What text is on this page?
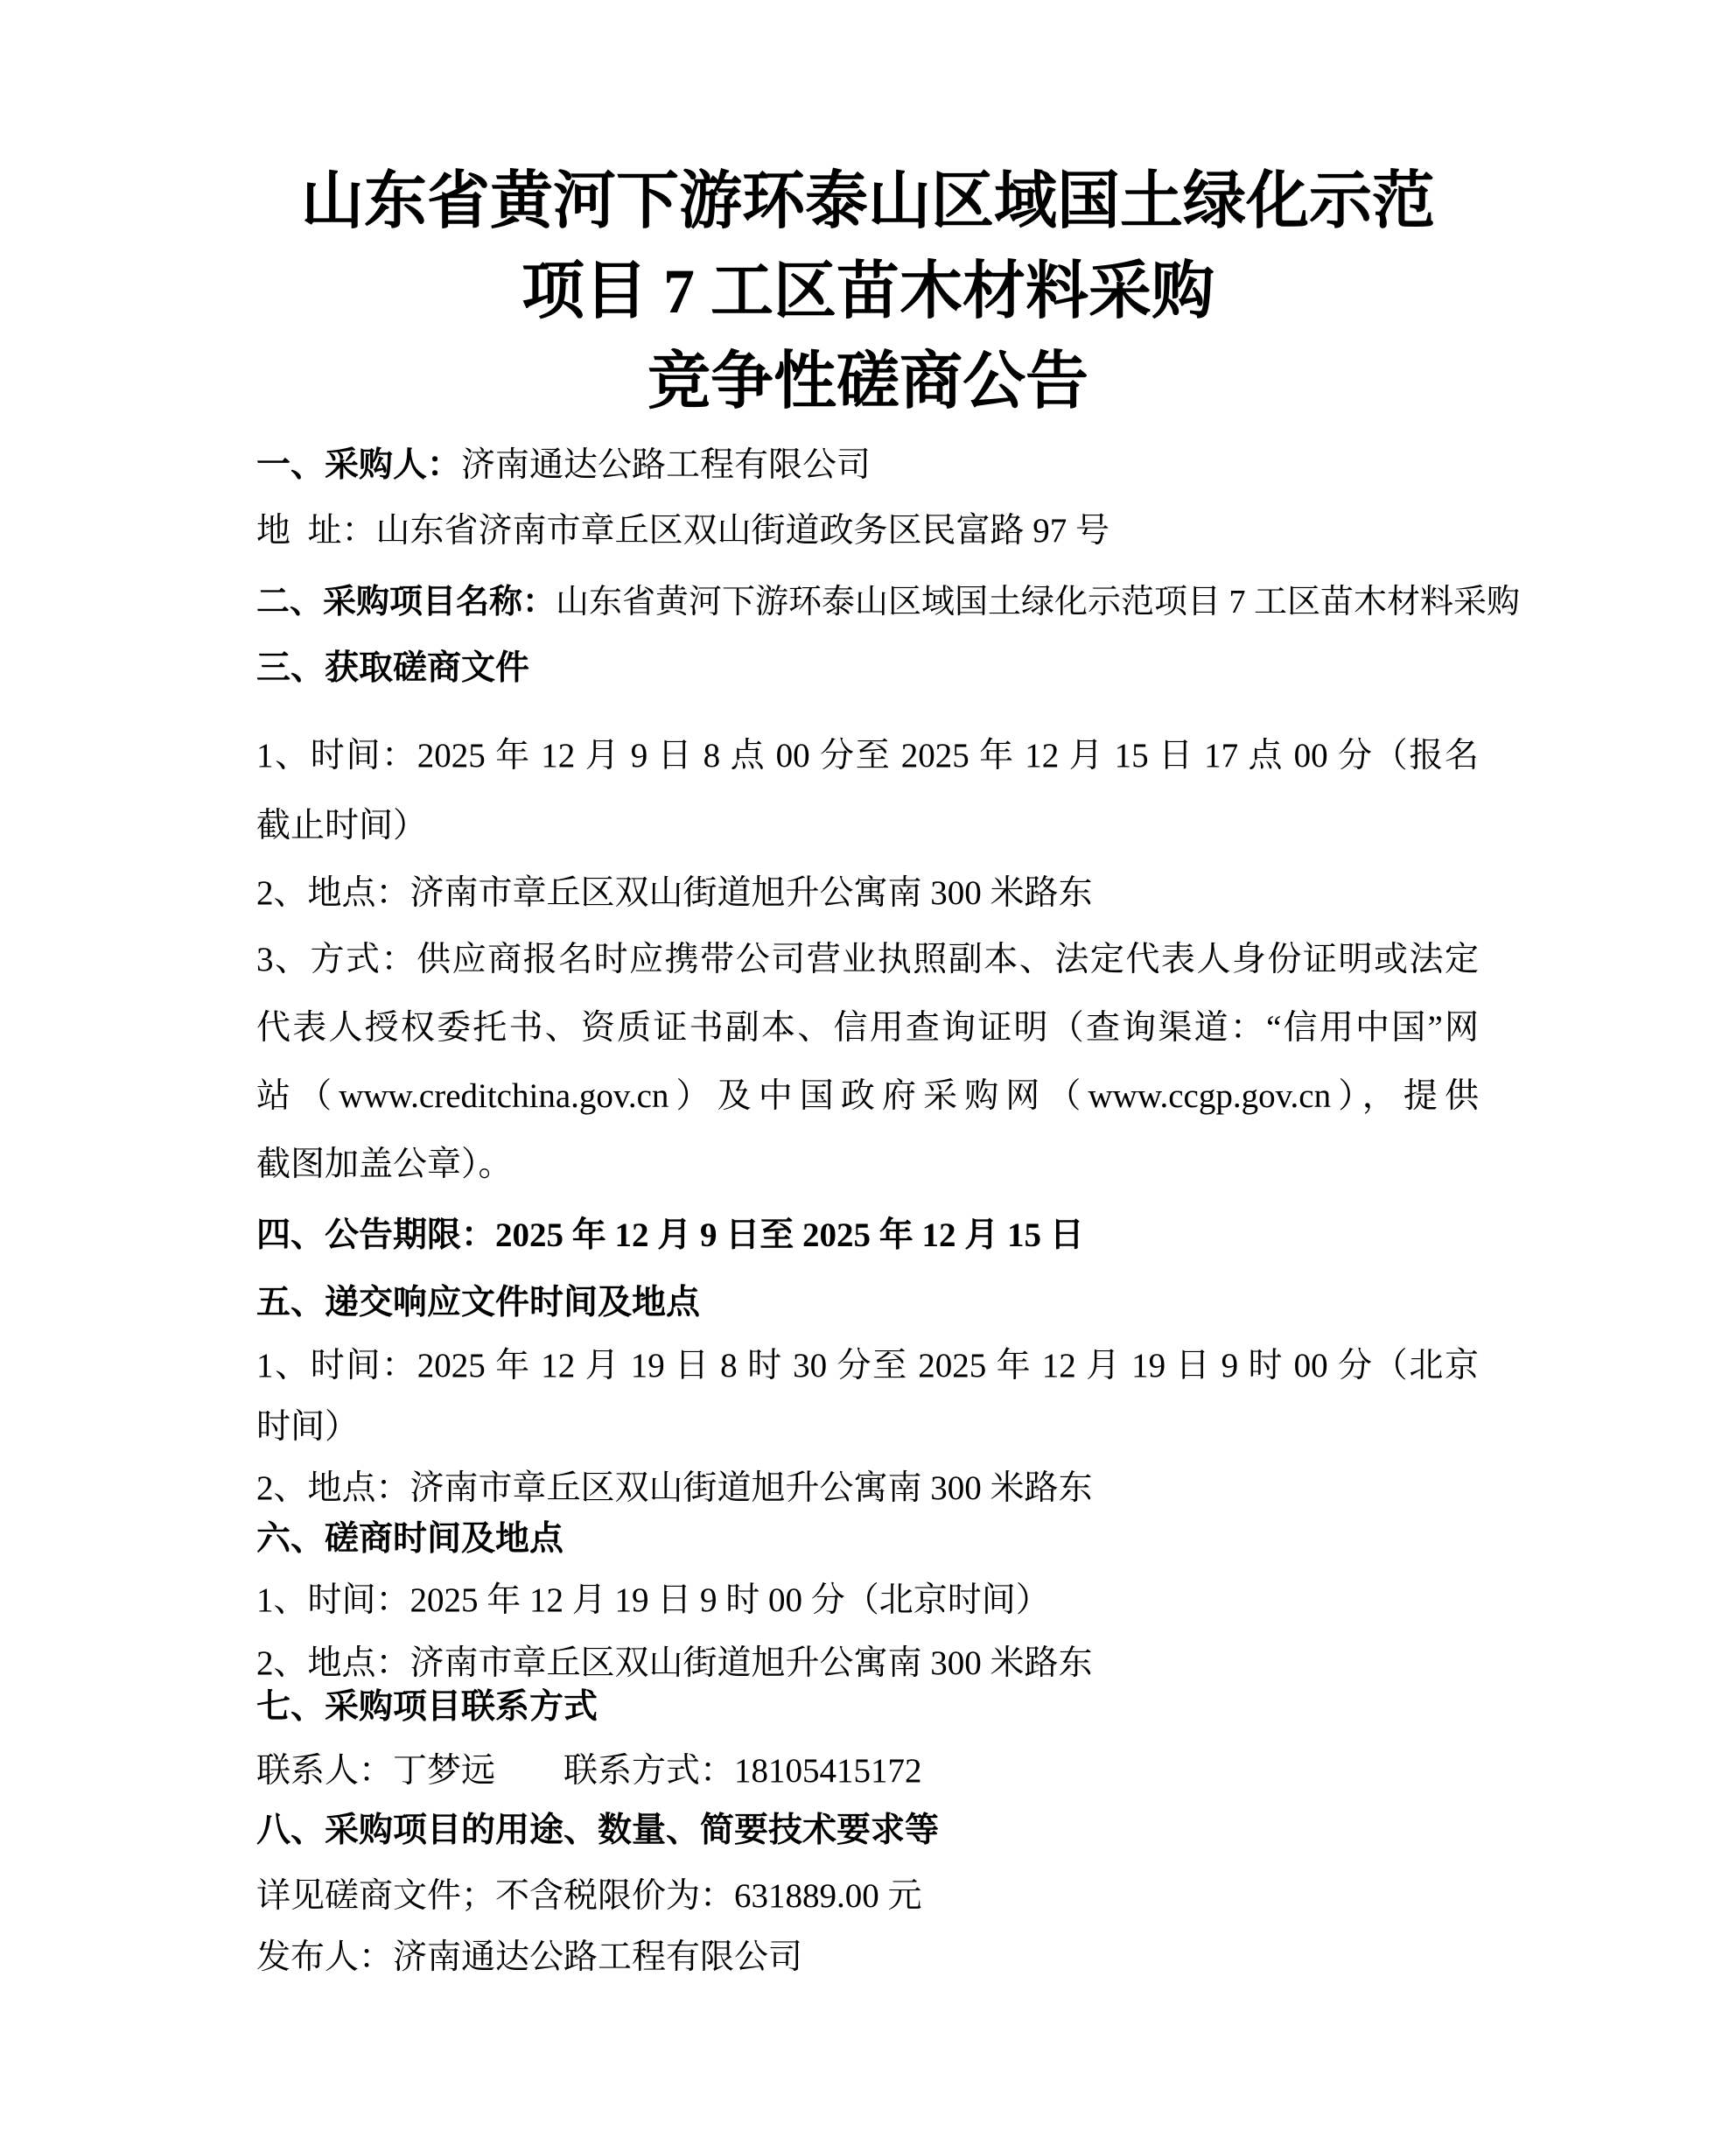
山东省黄河下游环泰山区域国土绿化示范
项目 7 工区苗木材料采购
竞争性磋商公告
一、采购人：济南通达公路工程有限公司
地  址：山东省济南市章丘区双山街道政务区民富路 97 号
二、采购项目名称：山东省黄河下游环泰山区域国土绿化示范项目 7 工区苗木材料采购
三、获取磋商文件
1、时间：2025 年 12 月 9 日 8 点 00 分至 2025 年 12 月 15 日 17 点 00 分（报名
截止时间）
2、地点：济南市章丘区双山街道旭升公寓南 300 米路东
3、方式：供应商报名时应携带公司营业执照副本、法定代表人身份证明或法定
代表人授权委托书、资质证书副本、信用查询证明（查询渠道：“信用中国”网
站（www.creditchina.gov.cn）及中国政府采购网（www.ccgp.gov.cn），提供
截图加盖公章）。
四、公告期限：2025 年 12 月 9 日至 2025 年 12 月 15 日
五、递交响应文件时间及地点
1、时间：2025 年 12 月 19 日 8 时 30 分至 2025 年 12 月 19 日 9 时 00 分（北京
时间）
2、地点：济南市章丘区双山街道旭升公寓南 300 米路东
六、磋商时间及地点
1、时间：2025 年 12 月 19 日 9 时 00 分（北京时间）
2、地点：济南市章丘区双山街道旭升公寓南 300 米路东
七、采购项目联系方式
联系人：丁梦远　　联系方式：18105415172
八、采购项目的用途、数量、简要技术要求等
详见磋商文件；不含税限价为：631889.00 元
发布人：济南通达公路工程有限公司
